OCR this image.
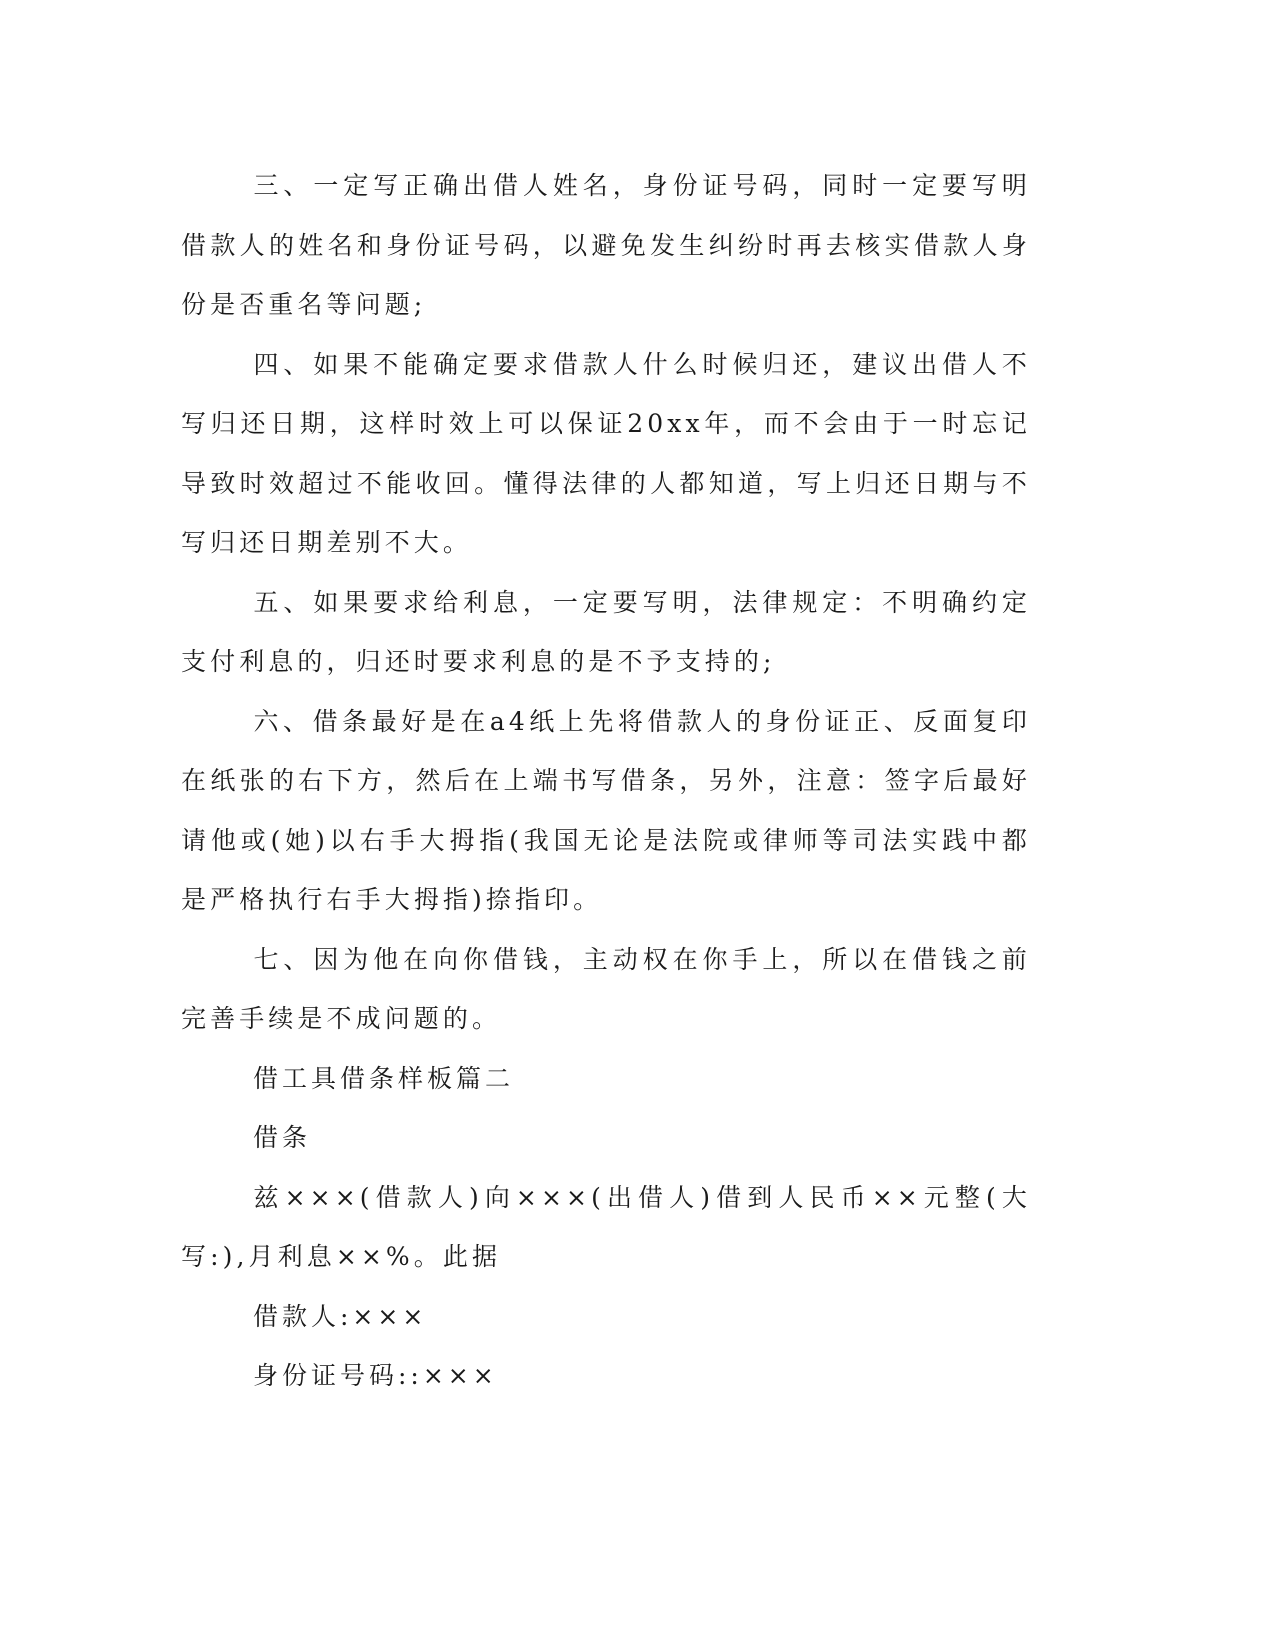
三、一定写正确出借人姓名，身份证号码，同时一定要写明借款人的姓名和身份证号码，以避免发生纠纷时再去核实借款人身份是否重名等问题;

四、如果不能确定要求借款人什么时候归还，建议出借人不写归还日期，这样时效上可以保证20xx年，而不会由于一时忘记导致时效超过不能收回。懂得法律的人都知道，写上归还日期与不写归还日期差别不大。

五、如果要求给利息，一定要写明，法律规定：不明确约定支付利息的，归还时要求利息的是不予支持的;

六、借条最好是在a4纸上先将借款人的身份证正、反面复印在纸张的右下方，然后在上端书写借条，另外，注意：签字后最好请他或(她)以右手大拇指(我国无论是法院或律师等司法实践中都是严格执行右手大拇指)捺指印。

七、因为他在向你借钱，主动权在你手上，所以在借钱之前完善手续是不成问题的。

借工具借条样板篇二

借条

兹×××(借款人)向×××(出借人)借到人民币××元整(大写:),月利息××%。此据

借款人:×××

身份证号码::×××
